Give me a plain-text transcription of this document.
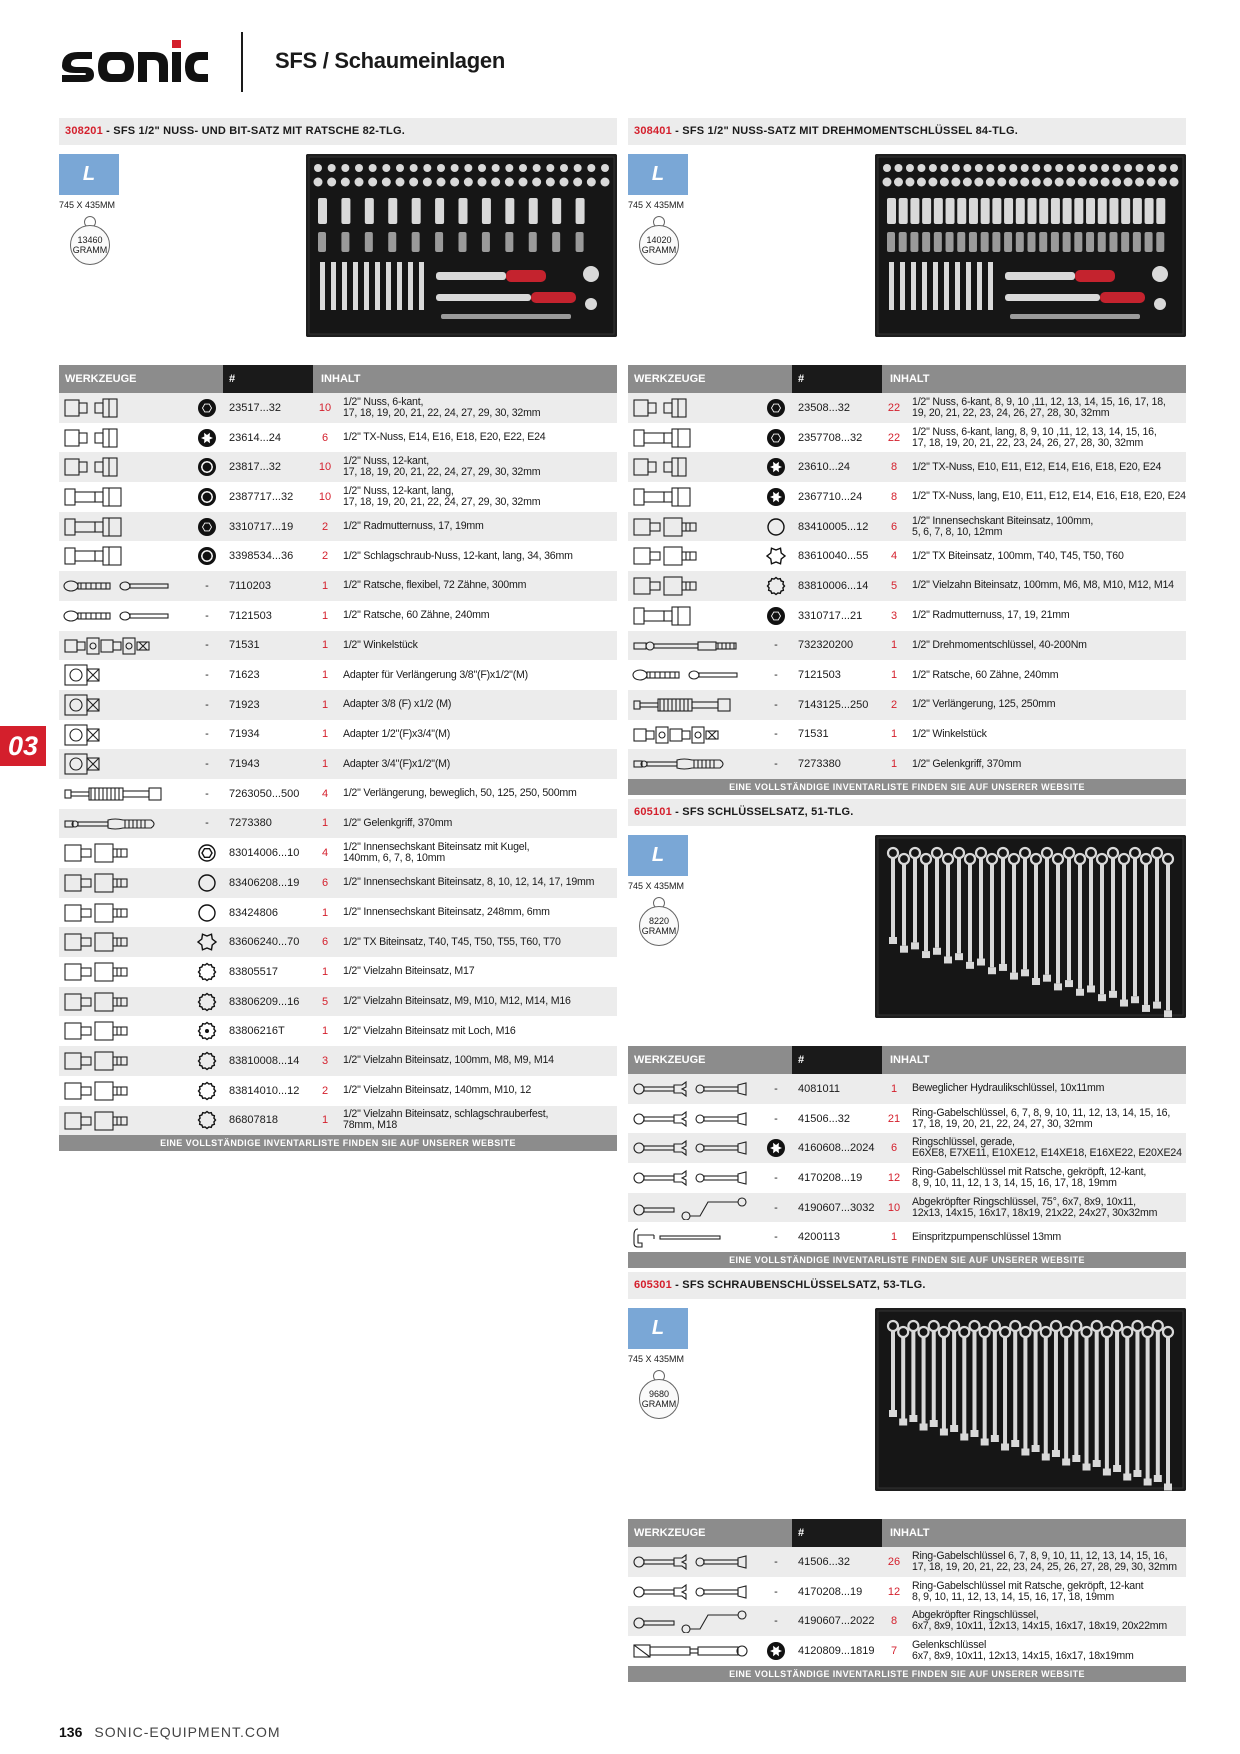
SFS / Schaumeinlagen
03
308201 - SFS 1/2" NUSS- UND BIT-SATZ MIT RATSCHE 82-TLG.
L
745 X 435MM
13460
GRAMM
WERKZEUGE	#	INHALT
23517...32	10	1/2" Nuss, 6-kant,
17, 18, 19, 20, 21, 22, 24, 27, 29, 30, 32mm
23614...24	6	1/2" TX-Nuss, E14, E16, E18, E20, E22, E24
23817...32	10	1/2" Nuss, 12-kant,
17, 18, 19, 20, 21, 22, 24, 27, 29, 30, 32mm
2387717...32	10	1/2" Nuss, 12-kant, lang,
17, 18, 19, 20, 21, 22, 24, 27, 29, 30, 32mm
3310717...19	2	1/2" Radmutternuss, 17, 19mm
3398534...36	2	1/2" Schlagschraub-Nuss, 12-kant, lang, 34, 36mm
-	7110203	1	1/2" Ratsche, flexibel, 72 Zähne, 300mm
-	7121503	1	1/2" Ratsche, 60 Zähne, 240mm
-	71531	1	1/2" Winkelstück
-	71623	1	Adapter für Verlängerung 3/8"(F)x1/2"(M)
-	71923	1	Adapter 3/8 (F) x1/2 (M)
-	71934	1	Adapter 1/2"(F)x3/4"(M)
-	71943	1	Adapter 3/4"(F)x1/2"(M)
-	7263050...500	4	1/2" Verlängerung, beweglich, 50, 125, 250, 500mm
-	7273380	1	1/2" Gelenkgriff, 370mm
83014006...10	4	1/2" Innensechskant Biteinsatz mit Kugel,
140mm, 6, 7, 8, 10mm
83406208...19	6	1/2" Innensechskant Biteinsatz, 8, 10, 12, 14, 17, 19mm
83424806	1	1/2" Innensechskant Biteinsatz, 248mm, 6mm
83606240...70	6	1/2" TX Biteinsatz, T40, T45, T50, T55, T60, T70
83805517	1	1/2" Vielzahn Biteinsatz, M17
83806209...16	5	1/2" Vielzahn Biteinsatz, M9, M10, M12, M14, M16
83806216T	1	1/2" Vielzahn Biteinsatz mit Loch, M16
83810008...14	3	1/2" Vielzahn Biteinsatz, 100mm, M8, M9, M14
83814010...12	2	1/2" Vielzahn Biteinsatz, 140mm, M10, 12
86807818	1	1/2" Vielzahn Biteinsatz, schlagschrauberfest,
78mm, M18
EINE VOLLSTÄNDIGE INVENTARLISTE FINDEN SIE AUF UNSERER WEBSITE
308401 - SFS 1/2" NUSS-SATZ MIT DREHMOMENTSCHLÜSSEL 84-TLG.
L
745 X 435MM
14020
GRAMM
WERKZEUGE	#	INHALT
23508...32	22	1/2" Nuss, 6-kant, 8, 9, 10 ,11, 12, 13, 14, 15, 16, 17, 18,
19, 20, 21, 22, 23, 24, 26, 27, 28, 30, 32mm
2357708...32	22	1/2" Nuss, 6-kant, lang, 8, 9, 10 ,11, 12, 13, 14, 15, 16,
17, 18, 19, 20, 21, 22, 23, 24, 26, 27, 28, 30, 32mm
23610...24	8	1/2" TX-Nuss, E10, E11, E12, E14, E16, E18, E20, E24
2367710...24	8	1/2" TX-Nuss, lang, E10, E11, E12, E14, E16, E18, E20, E24
83410005...12	6	1/2" Innensechskant Biteinsatz, 100mm,
5, 6, 7, 8, 10, 12mm
83610040...55	4	1/2" TX Biteinsatz, 100mm, T40, T45, T50, T60
83810006...14	5	1/2" Vielzahn Biteinsatz, 100mm, M6, M8, M10, M12, M14
3310717...21	3	1/2" Radmutternuss, 17, 19, 21mm
-	732320200	1	1/2" Drehmomentschlüssel, 40-200Nm
-	7121503	1	1/2" Ratsche, 60 Zähne, 240mm
-	7143125...250	2	1/2" Verlängerung, 125, 250mm
-	71531	1	1/2" Winkelstück
-	7273380	1	1/2" Gelenkgriff, 370mm
EINE VOLLSTÄNDIGE INVENTARLISTE FINDEN SIE AUF UNSERER WEBSITE
605101 - SFS SCHLÜSSELSATZ, 51-TLG.
L
745 X 435MM
8220
GRAMM
WERKZEUGE	#	INHALT
-	4081011	1	Beweglicher Hydraulikschlüssel, 10x11mm
-	41506...32	21	Ring-Gabelschlüssel, 6, 7, 8, 9, 10, 11, 12, 13, 14, 15, 16,
17, 18, 19, 20, 21, 22, 24, 27, 30, 32mm
4160608...2024	6	Ringschlüssel, gerade,
E6XE8, E7XE11, E10XE12, E14XE18, E16XE22, E20XE24
-	4170208...19	12	Ring-Gabelschlüssel mit Ratsche, gekröpft, 12-kant,
8, 9, 10, 11, 12, 1 3, 14, 15, 16, 17, 18, 19mm
-	4190607...3032	10	Abgekröpfter Ringschlüssel, 75°, 6x7, 8x9, 10x11,
12x13, 14x15, 16x17, 18x19, 21x22, 24x27, 30x32mm
-	4200113	1	Einspritzpumpenschlüssel 13mm
EINE VOLLSTÄNDIGE INVENTARLISTE FINDEN SIE AUF UNSERER WEBSITE
605301 - SFS SCHRAUBENSCHLÜSSELSATZ, 53-TLG.
L
745 X 435MM
9680
GRAMM
WERKZEUGE	#	INHALT
-	41506...32	26	Ring-Gabelschlüssel 6, 7, 8, 9, 10, 11, 12, 13, 14, 15, 16,
17, 18, 19, 20, 21, 22, 23, 24, 25, 26, 27, 28, 29, 30, 32mm
-	4170208...19	12	Ring-Gabelschlüssel mit Ratsche, gekröpft, 12-kant
8, 9, 10, 11, 12, 13, 14, 15, 16, 17, 18, 19mm
-	4190607...2022	8	Abgekröpfter Ringschlüssel,
6x7, 8x9, 10x11, 12x13, 14x15, 16x17, 18x19, 20x22mm
4120809...1819	7	Gelenkschlüssel
6x7, 8x9, 10x11, 12x13, 14x15, 16x17, 18x19mm
EINE VOLLSTÄNDIGE INVENTARLISTE FINDEN SIE AUF UNSERER WEBSITE
136 SONIC-EQUIPMENT.COM
